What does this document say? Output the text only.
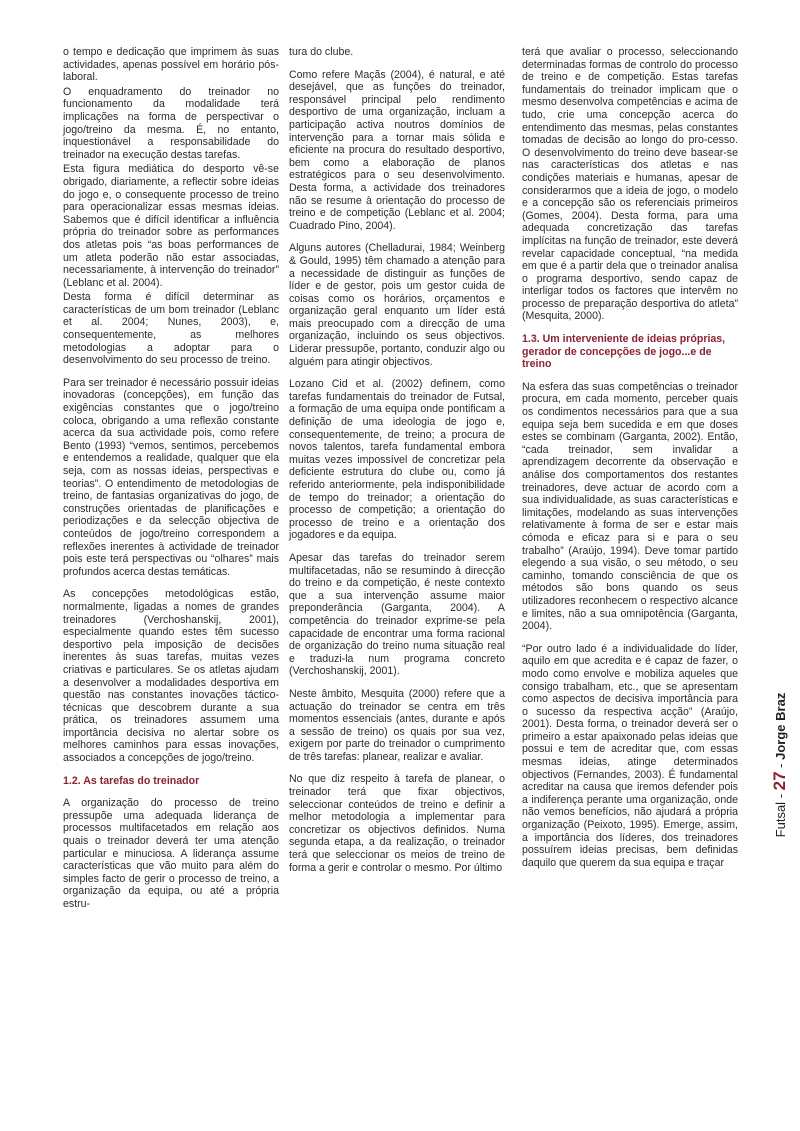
o tempo e dedicação que imprimem às suas actividades, apenas possível em horário pós-laboral.

O enquadramento do treinador no funcionamento da modalidade terá implicações na forma de perspectivar o jogo/treino da mesma. É, no entanto, inquestionável a responsabilidade do treinador na execução destas tarefas.

Esta figura mediática do desporto vê-se obrigado, diariamente, a reflectir sobre ideias do jogo e, o consequente processo de treino para operacionalizar essas mesmas ideias. Sabemos que é difícil identificar a influência própria do treinador sobre as performances dos atletas pois “as boas performances de um atleta poderão não estar associadas, necessariamente, à intervenção do treinador” (Leblanc et al. 2004).

Desta forma é difícil determinar as características de um bom treinador (Leblanc et al. 2004; Nunes, 2003), e, consequentemente, as melhores metodologias a adoptar para o desenvolvimento do seu processo de treino.

Para ser treinador é necessário possuir ideias inovadoras (concepções), em função das exigências constantes que o jogo/treino coloca, obrigando a uma reflexão constante acerca da sua actividade pois, como refere Bento (1993) “vemos, sentimos, percebemos e entendemos a realidade, qualquer que ela seja, com as nossas ideias, perspectivas e teorias”. O entendimento de metodologias de treino, de fantasias organizativas do jogo, de construções orientadas de planificações e periodizações e da selecção objectiva de conteúdos de jogo/treino correspondem a reflexões inerentes à actividade de treinador pois este terá perspectivas ou “olhares” mais profundos acerca destas temáticas.

As concepções metodológicas estão, normalmente, ligadas a nomes de grandes treinadores (Verchoshanskij, 2001), especialmente quando estes têm sucesso desportivo pela imposição de decisões inerentes às suas tarefas, muitas vezes criativas e particulares. Se os atletas ajudam a desenvolver a modalidades desportiva em questão nas constantes inovações táctico-técnicas que descobrem durante a sua prática, os treinadores assumem uma importância decisiva no alertar sobre os melhores caminhos para essas inovações, associados a concepções de jogo/treino.

1.2. As tarefas do treinador

A organização do processo de treino pressupõe uma adequada liderança de processos multifacetados em relação aos quais o treinador deverá ter uma atenção particular e minuciosa. A liderança assume características que vão muito para além do simples facto de gerir o processo de treino, a organização da equipa, ou até a própria estru-

tura do clube.

Como refere Maçãs (2004), é natural, e até desejável, que as funções do treinador, responsável principal pelo rendimento desportivo de uma organização, incluam a participação activa noutros domínios de intervenção para a tornar mais sólida e eficiente na procura do resultado desportivo, bem como a elaboração de planos estratégicos para o seu desenvolvimento. Desta forma, a actividade dos treinadores não se resume à orientação do processo de treino e de competição (Leblanc et al. 2004; Cuadrado Pino, 2004).

Alguns autores (Chelladurai, 1984; Weinberg & Gould, 1995) têm chamado a atenção para a necessidade de distinguir as funções de líder e de gestor, pois um gestor cuida de coisas como os horários, orçamentos e organização geral enquanto um líder está mais preocupado com a direcção de uma organização, incluindo os seus objectivos. Liderar pressupõe, portanto, conduzir algo ou alguém para atingir objectivos.

Lozano Cid et al. (2002) definem, como tarefas fundamentais do treinador de Futsal, a formação de uma equipa onde pontificam a definição de uma ideologia de jogo e, consequentemente, de treino; a procura de novos talentos, tarefa fundamental embora muitas vezes impossível de concretizar pela deficiente estrutura do clube ou, como já referido anteriormente, pela indisponibilidade de tempo do treinador; a orientação do processo de competição; a orientação do processo de treino e a orientação dos jogadores e da equipa.

Apesar das tarefas do treinador serem multifacetadas, não se resumindo à direcção do treino e da competição, é neste contexto que a sua intervenção assume maior preponderância (Garganta, 2004). A competência do treinador exprime-se pela capacidade de encontrar uma forma racional de organização do treino numa situação real e traduzi-la num programa concreto (Verchoshanskij, 2001).

Neste âmbito, Mesquita (2000) refere que a actuação do treinador se centra em três momentos essenciais (antes, durante e após a sessão de treino) os quais por sua vez, exigem por parte do treinador o cumprimento de três tarefas: planear, realizar e avaliar.

No que diz respeito à tarefa de planear, o treinador terá que fixar objectivos, seleccionar conteúdos de treino e definir a melhor metodologia a implementar para concretizar os objectivos definidos. Numa segunda etapa, a da realização, o treinador terá que seleccionar os meios de treino de forma a gerir e controlar o mesmo. Por último

terá que avaliar o processo, seleccionando determinadas formas de controlo do processo de treino e de competição. Estas tarefas fundamentais do treinador implicam que o mesmo desenvolva competências e acima de tudo, crie uma concepção acerca do entendimento das mesmas, pelas constantes tomadas de decisão ao longo do pro-cesso. O desenvolvimento do treino deve basear-se nas características dos atletas e nas condições materiais e humanas, apesar de considerarmos que a ideia de jogo, o modelo e a concepção são os referenciais primeiros (Gomes, 2004). Desta forma, para uma adequada concretização das tarefas implícitas na função de treinador, este deverá revelar capacidade conceptual, “na medida em que é a partir dela que o treinador analisa o programa desportivo, sendo capaz de interligar todos os factores que intervêm no processo de preparação desportiva do atleta” (Mesquita, 2000).

1.3. Um interveniente de ideias próprias, gerador de concepções de jogo...e de treino

Na esfera das suas competências o treinador procura, em cada momento, perceber quais os condimentos necessários para que a sua equipa seja bem sucedida e em que doses estes se combinam (Garganta, 2002). Então, “cada treinador, sem invalidar a aprendizagem decorrente da observação e análise dos comportamentos dos restantes treinadores, deve actuar de acordo com a sua individualidade, as suas características e limitações, modelando as suas intervenções relativamente à forma de ser e estar mais cómoda e eficaz para si e para o seu trabalho” (Araújo, 1994). Deve tomar partido elegendo a sua visão, o seu método, o seu caminho, tomando consciência de que os métodos são bons quando os seus utilizadores reconhecem o respectivo alcance e limites, não a sua omnipotência (Garganta, 2004).

“Por outro lado é a individualidade do líder, aquilo em que acredita e é capaz de fazer, o modo como envolve e mobiliza aqueles que consigo trabalham, etc., que se apresentam como aspectos de decisiva importância para o sucesso da respectiva acção” (Araújo, 2001). Desta forma, o treinador deverá ser o primeiro a estar apaixonado pelas ideias que possui e tem de acreditar que, com essas mesmas ideias, atinge determinados objectivos (Fernandes, 2003). É fundamental acreditar na causa que iremos defender pois a indiferença perante uma organização, onde não vemos benefícios, não ajudará a própria organização (Peixoto, 1995). Emerge, assim, a importância dos líderes, dos treinadores possuírem ideias precisas, bem definidas daquilo que querem da sua equipa e traçar

Futsal - 27 - Jorge Braz
